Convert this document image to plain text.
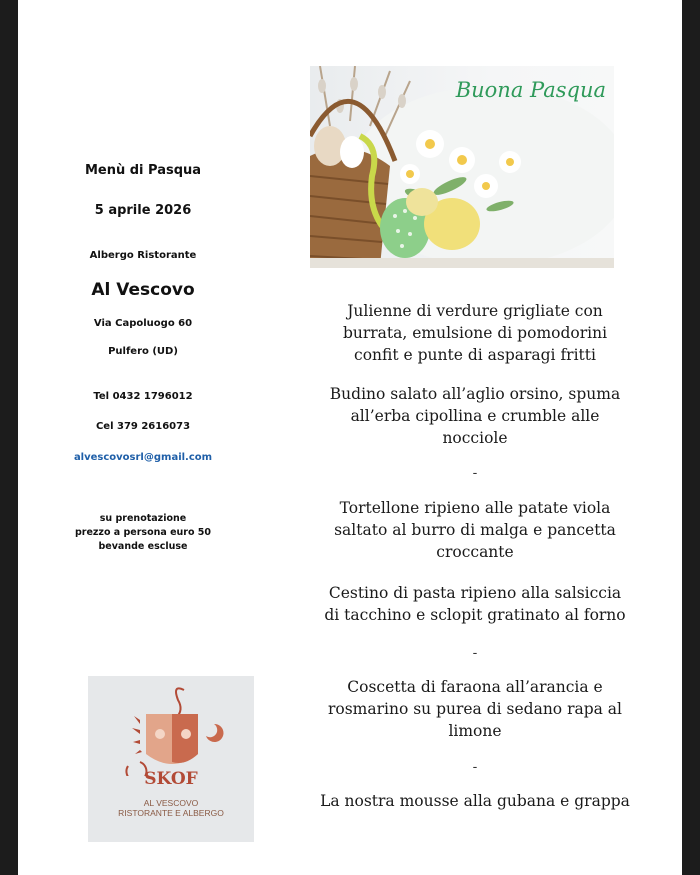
Menù di Pasqua
5 aprile 2026
Albergo Ristorante
Al Vescovo
Via Capoluogo 60
Pulfero (UD)
Tel 0432 1796012
Cel 379 2616073
alvescovosrl@gmail.com
su prenotazione
prezzo a persona euro 50
bevande escluse
Buona Pasqua
SKOF
AL VESCOVO
RISTORANTE E ALBERGO
Julienne di verdure grigliate con
burrata, emulsione di pomodorini
confit e punte di asparagi fritti
Budino salato all’aglio orsino, spuma
all’erba cipollina e crumble alle
nocciole
-
Tortellone ripieno alle patate viola
saltato al burro di malga e pancetta
croccante
Cestino di pasta ripieno alla salsiccia
di tacchino e sclopit gratinato al forno
-
Coscetta di faraona all’arancia e
rosmarino su purea di sedano rapa al
limone
-
La nostra mousse alla gubana e grappa
